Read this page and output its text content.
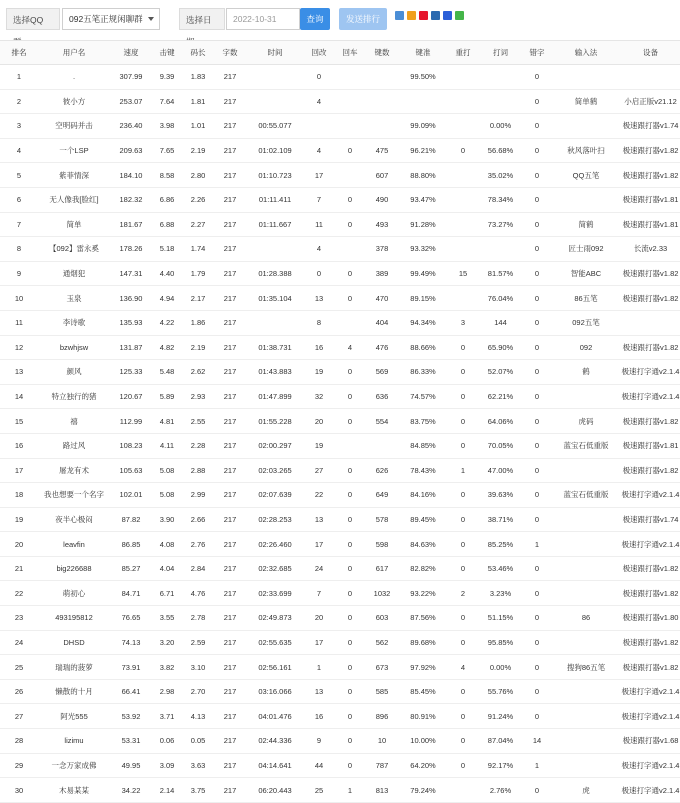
选择QQ	092五笔正规闲聊群	选择日	2022-10-31	查询	发送排行
排名	用户名	速度	击键	码长	字数	时间	回改	回车	键数	键准	重打	打词	错字	输入法	设备
1	.	307.99	9.39	1.83	217		0			99.50%			0		
2	彼小方	253.07	7.64	1.81	217		4						0	简单鹤	小启正版v21.12
3	空明码并击	236.40	3.98	1.01	217	00:55.077				99.09%		0.00%	0		极速跟打器v1.74
4	一个LSP	209.63	7.65	2.19	217	01:02.109	4	0	475	96.21%	0	56.68%	0	秋风落叶扫	极速跟打器v1.82
5	紫菲情深	184.10	8.58	2.80	217	01:10.723	17		607	88.80%		35.02%	0	QQ五笔	极速跟打器v1.82
6	无人像我[脸红]	182.32	6.86	2.26	217	01:11.411	7	0	490	93.47%		78.34%	0		极速跟打器v1.81
7	简单	181.67	6.88	2.27	217	01:11.667	11	0	493	91.28%		73.27%	0	简鹤	极速跟打器v1.81
8	【092】雷永奚	178.26	5.18	1.74	217		4		378	93.32%			0	匠士雨092	长流v2.33
9	通烟犯	147.31	4.40	1.79	217	01:28.388	0	0	389	99.49%	15	81.57%	0	智能ABC	极速跟打器v1.82
10	玉泉	136.90	4.94	2.17	217	01:35.104	13	0	470	89.15%		76.04%	0	86五笔	极速跟打器v1.82
11	李诗歌	135.93	4.22	1.86	217		8		404	94.34%	3	144	0	092五笔	
12	bzwhjsw	131.87	4.82	2.19	217	01:38.731	16	4	476	88.66%	0	65.90%	0	092	极速跟打器v1.82
13	颜风	125.33	5.48	2.62	217	01:43.883	19	0	569	86.33%	0	52.07%	0	鹤	极速打字通v2.1.4
14	特立独行的猪	120.67	5.89	2.93	217	01:47.899	32	0	636	74.57%	0	62.21%	0		极速打字通v2.1.4
15	禧	112.99	4.81	2.55	217	01:55.228	20	0	554	83.75%	0	64.06%	0	虎码	极速跟打器v1.82
16	路过风	108.23	4.11	2.28	217	02:00.297	19			84.85%	0	70.05%	0	蓝宝石低重版	极速跟打器v1.81
17	屠龙有术	105.63	5.08	2.88	217	02:03.265	27	0	626	78.43%	1	47.00%	0		极速跟打器v1.82
18	我也想要一个名字	102.01	5.08	2.99	217	02:07.639	22	0	649	84.16%	0	39.63%	0	蓝宝石低重版	极速打字通v2.1.4
19	夜半心极闷	87.82	3.90	2.66	217	02:28.253	13	0	578	89.45%	0	38.71%	0		极速跟打器v1.74
20	leavfin	86.85	4.08	2.76	217	02:26.460	17	0	598	84.63%	0	85.25%	1		极速打字通v2.1.4
21	big226688	85.27	4.04	2.84	217	02:32.685	24	0	617	82.82%	0	53.46%	0		极速跟打器v1.82
22	萌初心	84.71	6.71	4.76	217	02:33.699	7	0	1032	93.22%	2	3.23%	0		极速跟打器v1.82
23	493195812	76.65	3.55	2.78	217	02:49.873	20	0	603	87.56%	0	51.15%	0	86	极速跟打器v1.80
24	DHSD	74.13	3.20	2.59	217	02:55.635	17	0	562	89.68%	0	95.85%	0		极速跟打器v1.82
25	瑞瑞的菠萝	73.91	3.82	3.10	217	02:56.161	1	0	673	97.92%	4	0.00%	0	搜狗86五笔	极速跟打器v1.82
26	懒散的十月	66.41	2.98	2.70	217	03:16.066	13	0	585	85.45%	0	55.76%	0		极速打字通v2.1.4
27	阿光555	53.92	3.71	4.13	217	04:01.476	16	0	896	80.91%	0	91.24%	0		极速打字通v2.1.4
28	lizimu	53.31	0.06	0.05	217	02:44.336	9	0	10	10.00%	0	87.04%	14		极速跟打器v1.68
29	一念万家成佛	49.95	3.09	3.63	217	04:14.641	44	0	787	64.20%	0	92.17%	1		极速打字通v2.1.4
30	木易某某	34.22	2.14	3.75	217	06:20.443	25	1	813	79.24%		2.76%	0	虎	极速打字通v2.1.4
